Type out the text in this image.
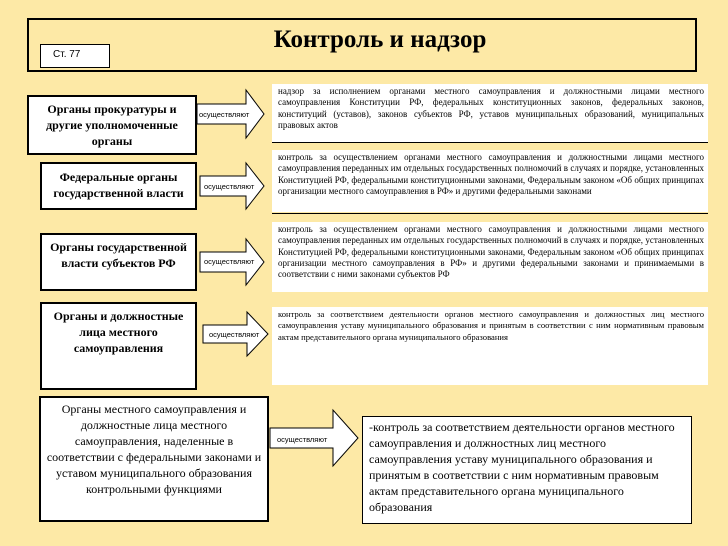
Ст. 77
Контроль и надзор
Органы прокуратуры и другие уполномоченные органы
осуществляют
надзор за исполнением органами местного самоуправления и должностными лицами местного самоуправления Конституции РФ, федеральных конституционных законов, федеральных законов, конституций (уставов), законов субъектов РФ, уставов муниципальных образований, муниципальных правовых актов
Федеральные органы государственной власти	осуществляют
контроль за осуществлением органами местного самоуправления и должностными лицами местного самоуправления переданных им отдельных государственных полномочий в случаях и порядке, установленных Конституцией РФ, федеральными конституционными законами, Федеральным законом «Об общих принципах организации местного самоуправления в РФ» и другими федеральными законами
Органы государственной власти субъектов РФ	осуществляют
контроль за осуществлением органами местного самоуправления и должностными лицами местного самоуправления переданных им отдельных государственных полномочий в случаях и порядке, установленных Конституцией РФ, федеральными конституционными законами, Федеральным законом «Об общих принципах организации местного самоуправления в РФ» и другими федеральными законами и принимаемыми в соответствии с ними законами субъектов РФ
Органы и должностные лица местного самоуправления
осуществляют
контроль за соответствием деятельности органов местного самоуправления и должностных лиц местного самоуправления уставу муниципального образования и принятым в соответствии с ним нормативным правовым актам представительного органа муниципального образования
Органы местного самоуправления и должностные лица местного самоуправления, наделенные в соответствии с федеральными законами и уставом муниципального образования контрольными функциями
осуществляют
-контроль за соответствием деятельности органов местного самоуправления и должностных лиц местного самоуправления уставу муниципального образования и принятым в соответствии с ним нормативным правовым актам представительного органа муниципального образования
